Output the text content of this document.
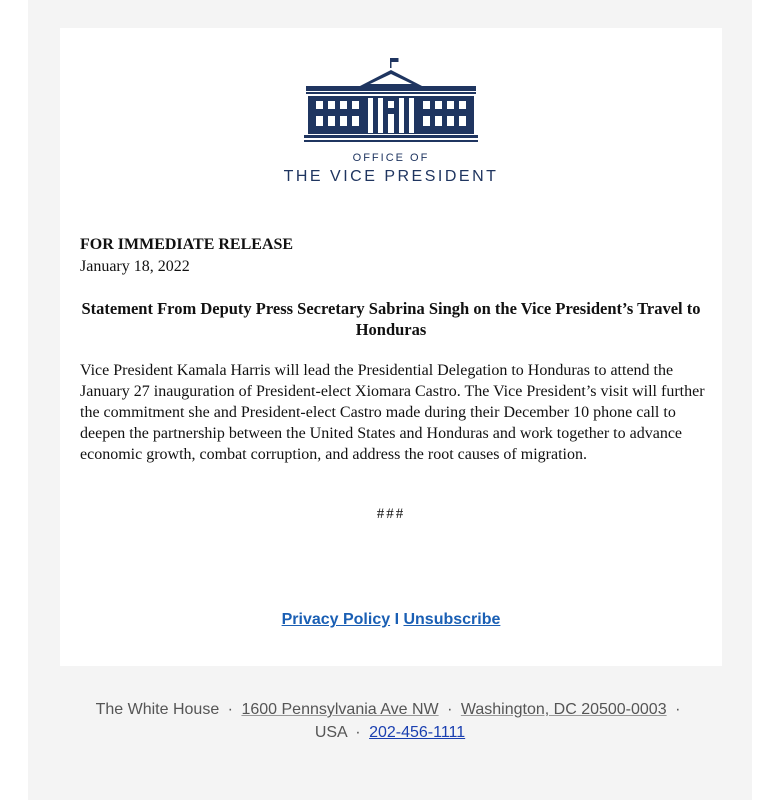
OFFICE OF
THE VICE PRESIDENT
FOR IMMEDIATE RELEASE
January 18, 2022
Statement From Deputy Press Secretary Sabrina Singh on the Vice President’s Travel to Honduras
Vice President Kamala Harris will lead the Presidential Delegation to Honduras to attend the January 27 inauguration of President-elect Xiomara Castro. The Vice President’s visit will further the commitment she and President-elect Castro made during their December 10 phone call to deepen the partnership between the United States and Honduras and work together to advance economic growth, combat corruption, and address the root causes of migration.
###
Privacy Policy I Unsubscribe
The White House · 1600 Pennsylvania Ave NW · Washington, DC 20500-0003 ·
USA · 202-456-1111
